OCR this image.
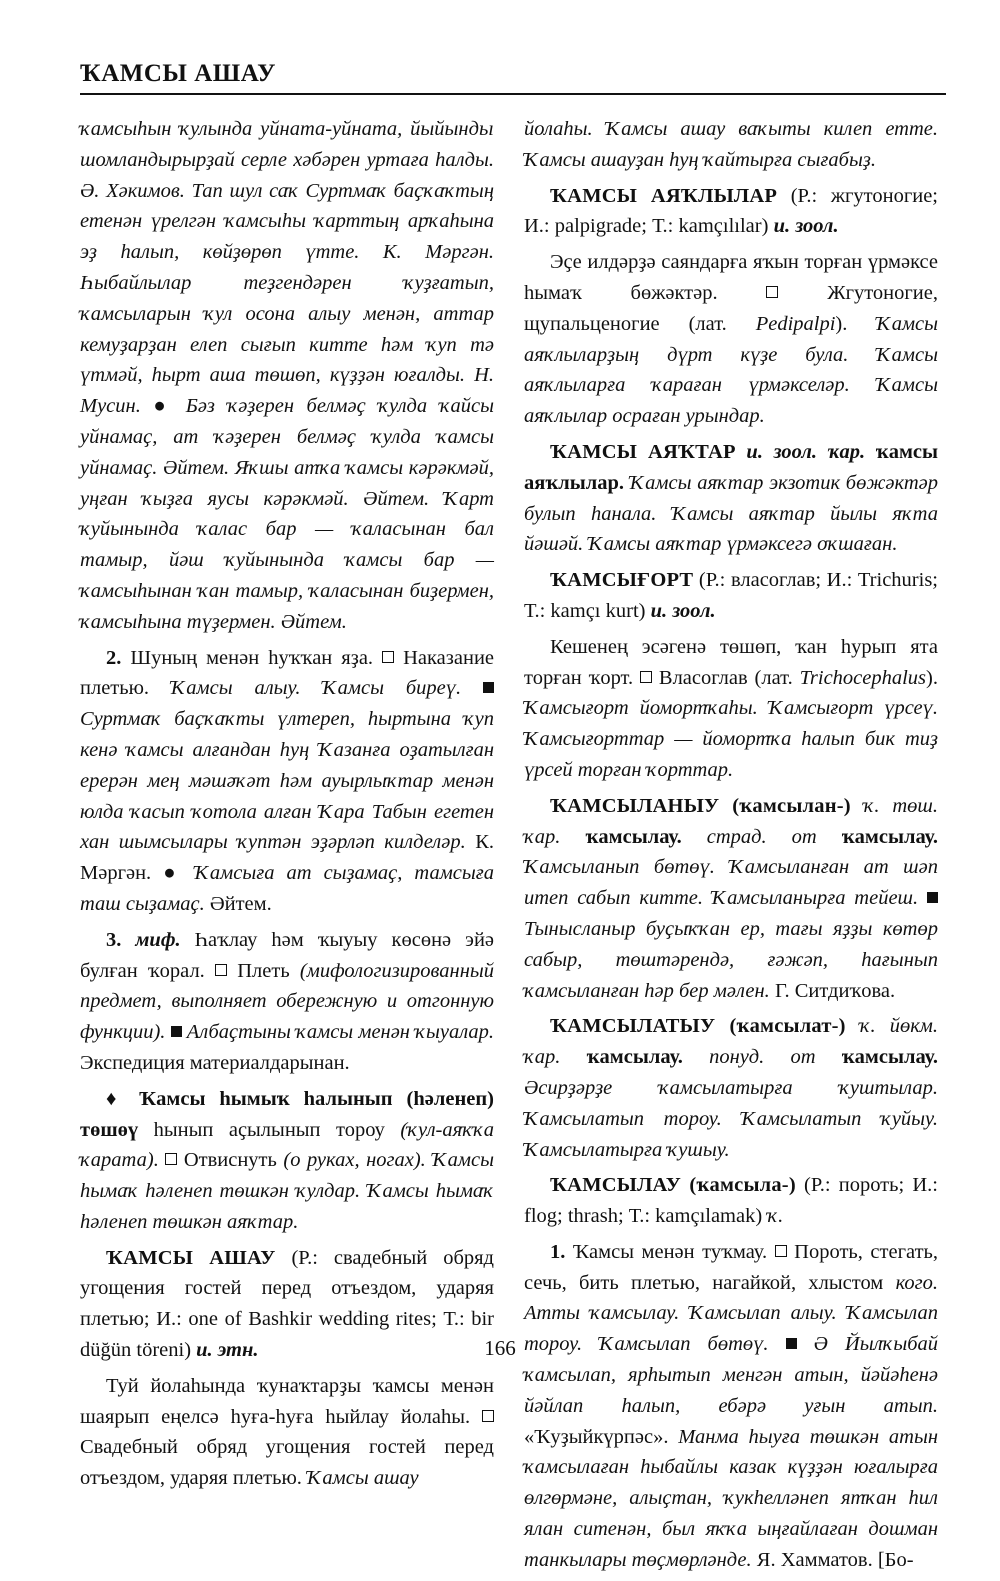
ҠАМСЫ АШАУ

ҡамсыһын ҡулында уйната-уйната, йыйындьı шомландырырҙай серле хәбәрен уртаға һалды. Ә. Хәкимов. Тап шул саҡ Суртмаҡ баҫҡаҡтың етенән үрелгән ҡамсыһы ҡарттың арҡаһына эҙ һалып, көйҙөрөп үтте. К. Мәргән. Һыбайлылар теҙгендәрен ҡуҙғатып, ҡамсыларын ҡул осона алыу менән, аттар кемуҙарҙан елеп сығып китте һәм ҡуп тә үтмәй, һырт аша төшөп, күҙҙән юғалды. Н. Мусин. ● Бәз ҡәҙерен белмәҫ ҡулда ҡайсы уйнамаҫ, ат ҡәҙерен белмәҫ ҡулда ҡамсы уйнамаҫ. Әйтем. Яҡшы атҡа ҡамсы кәрәкмәй, уңған ҡыҙға яусы кәрәкмәй. Әйтем. Ҡарт ҡуйынында ҡалас бар — ҡаласынан бал тамыр, йәш ҡуйынында ҡамсы бар — ҡамсыһынан ҡан тамыр, ҡаласынан биҙермен, ҡамсыһына түҙермен. Әйтем.

2. Шуның менән һуҡҡан яҙа. Наказание плетью. Ҡамсы алыу. Ҡамсы биреү.  Суртмаҡ баҫҡаҡты үлтереп, һыртына ҡуп кенә ҡамсы алғандан һуң Ҡазанға оҙатылған ерерән мең мәшәҡәт һәм ауырлыҡтар менән юлда ҡасып ҡотола алған Ҡара Табын егетен хан шымсылары ҡуптән эҙәрләп килделәр. К. Мәргән. ● Ҡамсыға ат сыҙамаҫ, тамсыға таш сыҙамаҫ. Әйтем.

3. миф. Һаҡлау һәм ҡыуыу көсөнә эйә булған ҡорал. Плеть (мифологизированный предмет, выполняет обережную и отгонную функции). Албаҫтыны ҡамсы менән ҡыуалар. Экспедиция материалдарынан.

♦ Ҡамсы һымыҡ һалынып (һәленеп) төшөү һынып аҫылынып тороу (ҡул-аяҡҡа ҡарата). Отвиснуть (о руках, ногах). Ҡамсы һымаҡ һәленеп төшкән ҡулдар. Ҡамсы һымаҡ һәленеп төшкән аяҡтар.

ҠАМСЫ АШАУ (Р.: свадебный обряд угощения гостей перед отъездом, ударяя плетью; И.: one of Bashkir wedding rites; Т.: bir düğün töreni) и. этн.

Туй йолаһында ҡунаҡтарҙы ҡамсы менән шаярып еңелсә һуға-һуға һыйлау йолаһы.  Свадебный обряд угощения гостей перед отъездом, ударяя плетью. Ҡамсы ашау

йолаһы. Ҡамсы ашау ваҡыты килеп етте. Ҡамсы ашауҙан һуң ҡайтырға сығабыҙ.

ҠАМСЫ АЯҠЛЫЛАР (Р.: жгутоногие; И.: palpigrade; Т.: kamçılılar) и. зоол.

Эҫе илдәрҙә саяндарға яҡын торған үрмәксе һымаҡ бөжәктәр.	Жгутоногие, щупальценогие (лат. Pedipalpi). Ҡамсы аяҡлыларҙың дүрт күҙе була. Ҡамсы аяҡлыларға ҡараған үрмәкселәр. Ҡамсы аяҡлылар осраған урындар.

ҠАМСЫ АЯҠТАР и. зоол. ҡар. ҡамсы аяҡлылар. Ҡамсы аяҡтар экзотик бөжәктәр булып һанала. Ҡамсы аяҡтар йылы яҡта йәшәй. Ҡамсы аяҡтар үрмәксегә оҡшаған.

ҠАМСЫҒОРТ (Р.: власоглав; И.: Trichuris; Т.: kamçı kurt) и. зоол.

Кешенең эсәгенә төшөп, ҡан һурып ята торған ҡорт. Власоглав (лат. Trichocephalus). Ҡамсығорт йомортҡаһы. Ҡамсығорт үрсеү. Ҡамсығорттар — йомортҡа һалып бик тиҙ үрсей торған ҡорттар.

ҠАМСЫЛАНЫУ (ҡамсылан-) ҡ. төш. ҡар. ҡамсылау. страд. от ҡамсылау. Ҡамсыланып бөтөү. Ҡамсыланған ат шәп итеп сабып китте. Ҡамсыланырға тейеш.  Тынысланыр буҫыҡҡан ер, тағы яҙҙы көтөр сабыр, төштәрендә, ғәжәп, һағынып ҡамсыланған һәр бер мәлен. Г. Ситдиҡова.

ҠАМСЫЛАТЫУ (ҡамсылат-) ҡ. йөкм. ҡар. ҡамсылау. понуд. от ҡамсылау. Әсирҙәрҙе ҡамсылатырға ҡуштылар. Ҡамсылатып тороу. Ҡамсылатып ҡуйыу. Ҡамсылатырға ҡушыу.

ҠАМСЫЛАУ (ҡамсыла-) (Р.: пороть; И.: flog; thrash; Т.: kamçılamak) ҡ.

1. Ҡамсы менән туҡмау. Пороть, стегать, сечь, бить плетью, нагайкой, хлыстом кого. Атты ҡамсылау. Ҡамсылап алыу. Ҡамсылап тороу. Ҡамсылап бөтөү. Ә Йылҡыбай ҡамсылап, ярһытып менгән атын, йәйәһенә йәйлап һалып, ебәрә уғын атып. «Ҡуҙыйкүрпәс». Манма һыуға төшкән атын ҡамсылаған һыбайлы казак күҙҙән юғалырға өлгөрмәне, алыҫтан, ҡукһелләнеп ятҡан һил ялан ситенән, был яҡҡа ыңғайлаған дошман танкылары төҫмөрләнде. Я. Хамматов. [Бо-

166
